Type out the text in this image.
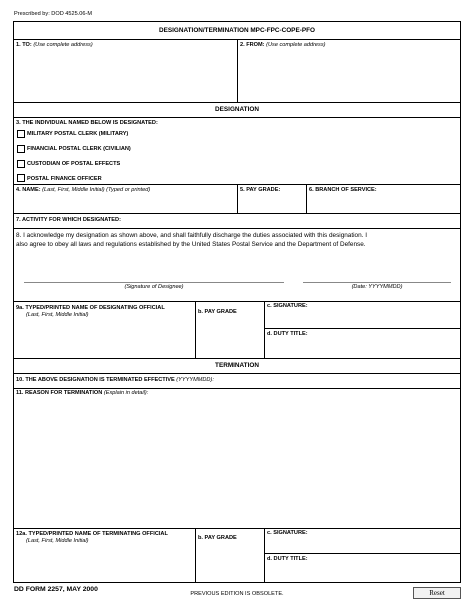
Prescribed by: DOD 4525.06-M
DESIGNATION/TERMINATION MPC-FPC-COPE-PFO
1. TO: (Use complete address)	2. FROM: (Use complete address)
DESIGNATION
3. THE INDIVIDUAL NAMED BELOW IS DESIGNATED:
MILITARY POSTAL CLERK (MILITARY)
FINANCIAL POSTAL CLERK (CIVILIAN)
CUSTODIAN OF POSTAL EFFECTS
POSTAL FINANCE OFFICER
4. NAME: (Last, First, Middle Initial) (Typed or printed)	5. PAY GRADE:	6. BRANCH OF SERVICE:
7. ACTIVITY FOR WHICH DESIGNATED:
8. I acknowledge my designation as shown above, and shall faithfully discharge the duties associated with this designation. I
also agree to obey all laws and regulations established by the United States Postal Service and the Department of Defense.
(Signature of Designee)	(Date: YYYYMMDD)
9a. TYPED/PRINTED NAME OF DESIGNATING OFFICIAL
(Last, First, Middle Initial)	b. PAY GRADE
c. SIGNATURE:
d. DUTY TITLE:
TERMINATION
10. THE ABOVE DESIGNATION IS TERMINATED EFFECTIVE (YYYYMMDD):
11. REASON FOR TERMINATION (Explain in detail):
12a. TYPED/PRINTED NAME OF TERMINATING OFFICIAL
(Last, First, Middle Initial)	b. PAY GRADE
c. SIGNATURE:
d. DUTY TITLE:
DD FORM 2257, MAY 2000
PREVIOUS EDITION IS OBSOLETE.	Reset
